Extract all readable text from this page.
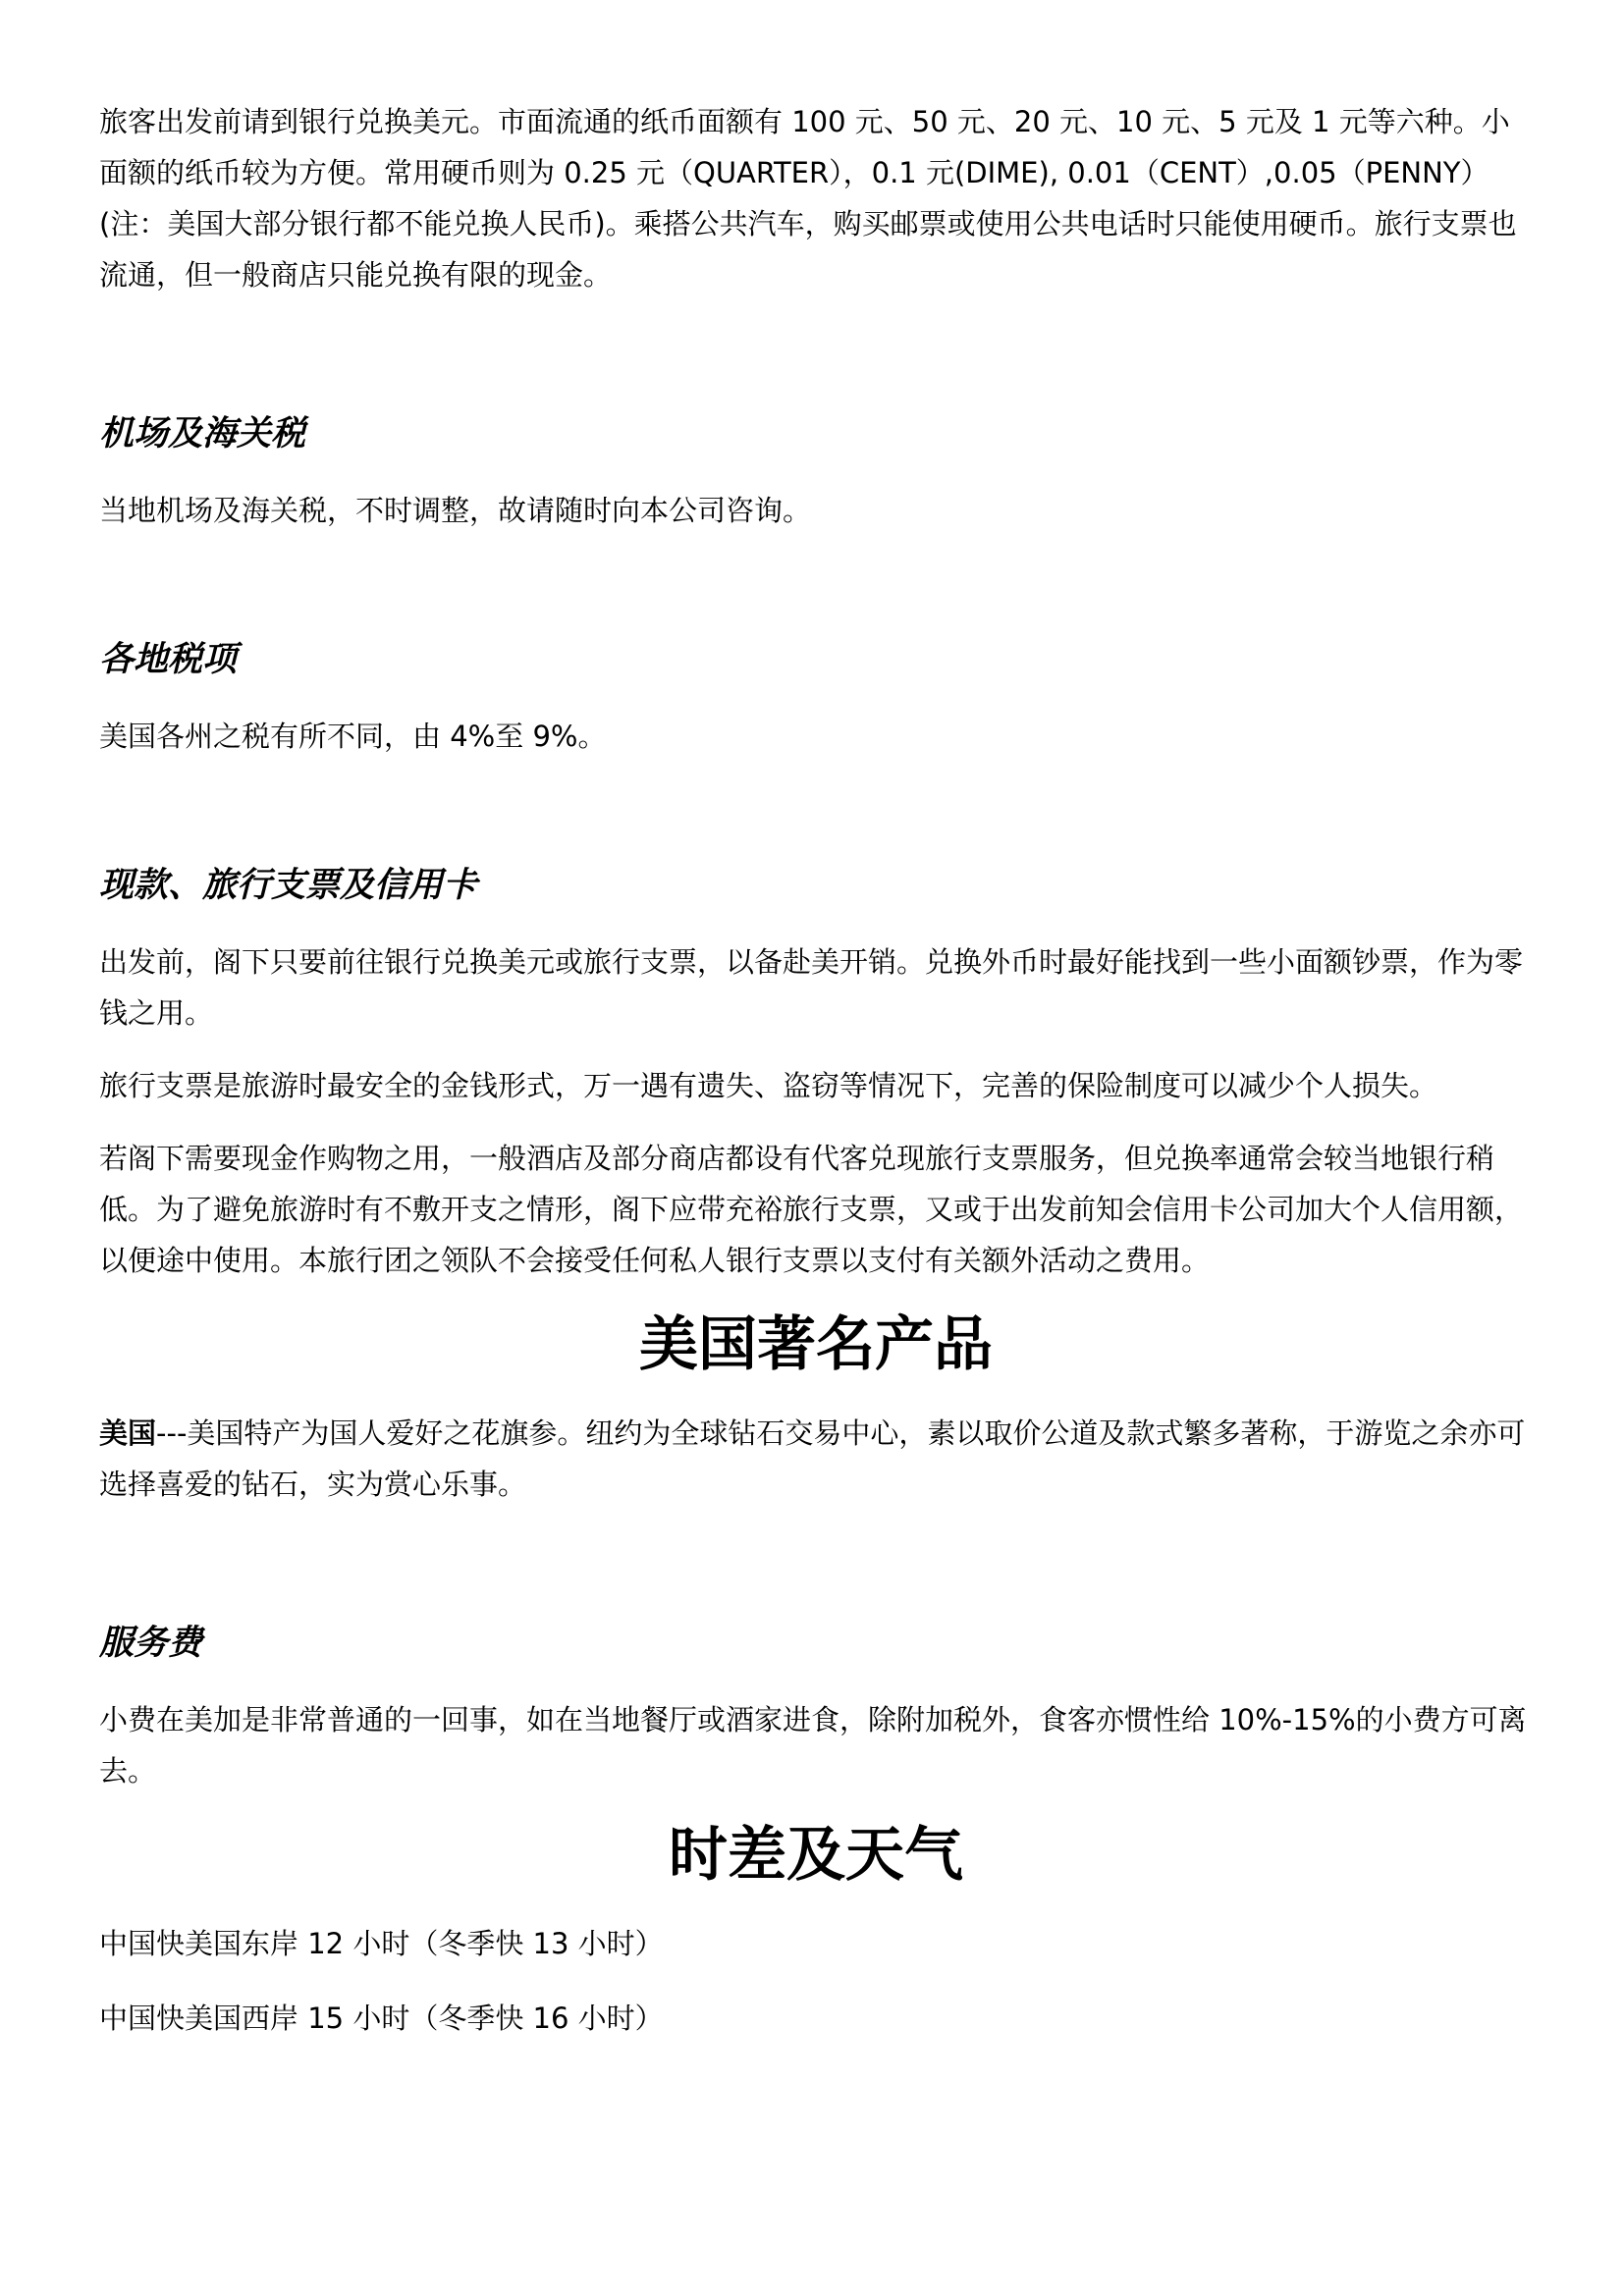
旅客出发前请到银行兑换美元。市面流通的纸币面额有 100 元、50 元、20 元、10 元、5 元及 1 元等六种。小面额的纸币较为方便。常用硬币则为 0.25 元（QUARTER），0.1 元(DIME), 0.01（CENT）,0.05（PENNY）(注：美国大部分银行都不能兑换人民币)。乘搭公共汽车，购买邮票或使用公共电话时只能使用硬币。旅行支票也流通，但一般商店只能兑换有限的现金。

机场及海关税

当地机场及海关税，不时调整，故请随时向本公司咨询。

各地税项

美国各州之税有所不同，由 4%至 9%。

现款、旅行支票及信用卡

出发前，阁下只要前往银行兑换美元或旅行支票，以备赴美开销。兑换外币时最好能找到一些小面额钞票，作为零钱之用。

旅行支票是旅游时最安全的金钱形式，万一遇有遗失、盗窃等情况下，完善的保险制度可以减少个人损失。

若阁下需要现金作购物之用，一般酒店及部分商店都设有代客兑现旅行支票服务，但兑换率通常会较当地银行稍低。为了避免旅游时有不敷开支之情形，阁下应带充裕旅行支票，又或于出发前知会信用卡公司加大个人信用额，以便途中使用。本旅行团之领队不会接受任何私人银行支票以支付有关额外活动之费用。

美国著名产品

美国---美国特产为国人爱好之花旗参。纽约为全球钻石交易中心，素以取价公道及款式繁多著称，于游览之余亦可选择喜爱的钻石，实为赏心乐事。

服务费

小费在美加是非常普通的一回事，如在当地餐厅或酒家进食，除附加税外，食客亦惯性给 10%-15%的小费方可离去。

时差及天气

中国快美国东岸 12 小时（冬季快 13 小时）

中国快美国西岸 15 小时（冬季快 16 小时）
